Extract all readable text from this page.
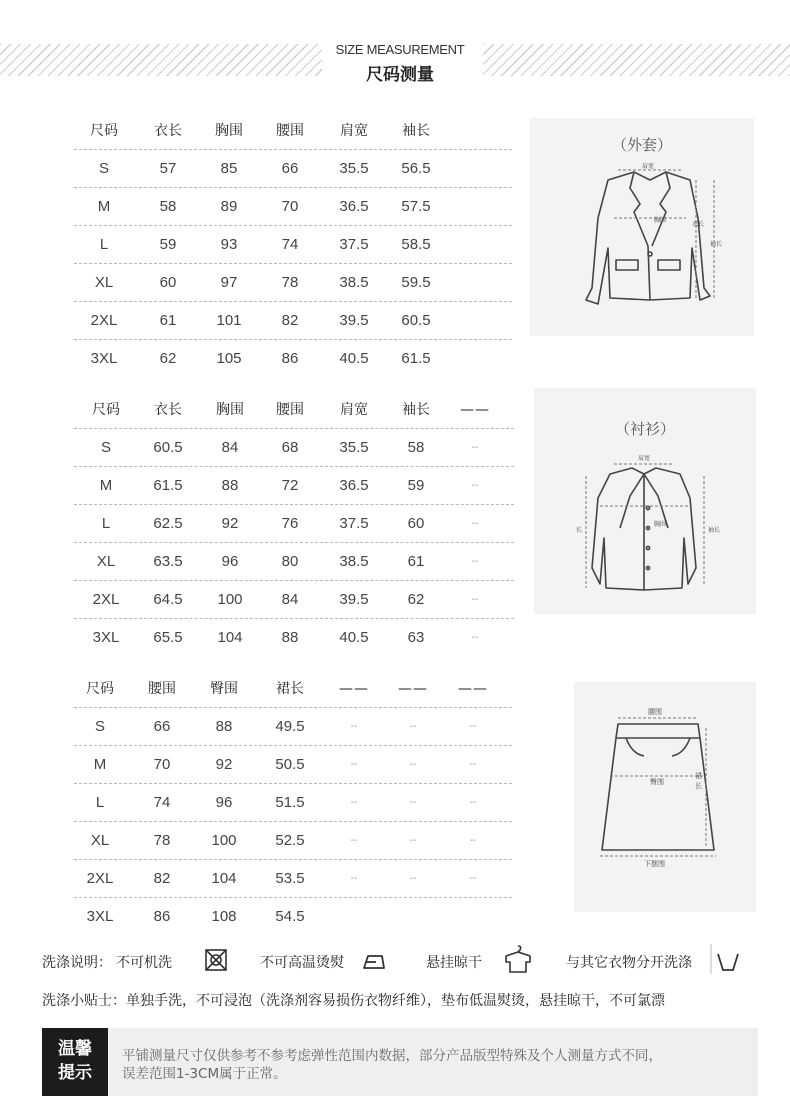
SIZE MEASUREMENT
尺码测量
尺码	衣长	胸围	腰围	肩宽	袖长
S	57	85	66	35.5	56.5
M	58	89	70	36.5	57.5
L	59	93	74	37.5	58.5
XL	60	97	78	38.5	59.5
2XL	61	101	82	39.5	60.5
3XL	62	105	86	40.5	61.5
尺码	衣长	胸围	腰围	肩宽	袖长	——
S	60.5	84	68	35.5	58	--
M	61.5	88	72	36.5	59	--
L	62.5	92	76	37.5	60	--
XL	63.5	96	80	38.5	61	--
2XL	64.5	100	84	39.5	62	--
3XL	65.5	104	88	40.5	63	--
尺码	腰围	臀围	裙长	——	——	——
S	66	88	49.5	--	--	--
M	70	92	50.5	--	--	--
L	74	96	51.5	--	--	--
XL	78	100	52.5	--	--	--
2XL	82	104	53.5	--	--	--
3XL	86	108	54.5
（外套）
肩宽
胸围
衣长
袖长
（衬衫）
肩宽
胸围
长	袖长
腰围
臀围
下摆围
裙
长
洗涤说明： 不可机洗	不可高温烫熨	悬挂晾干	与其它衣物分开洗涤
洗涤小贴士：单独手洗，不可浸泡（洗涤剂容易损伤衣物纤维），垫布低温熨烫，悬挂晾干，不可氯漂
温馨
提示
平铺测量尺寸仅供参考不参考虑弹性范围内数据，部分产品版型特殊及个人测量方式不同，
误差范围1-3CM属于正常。
